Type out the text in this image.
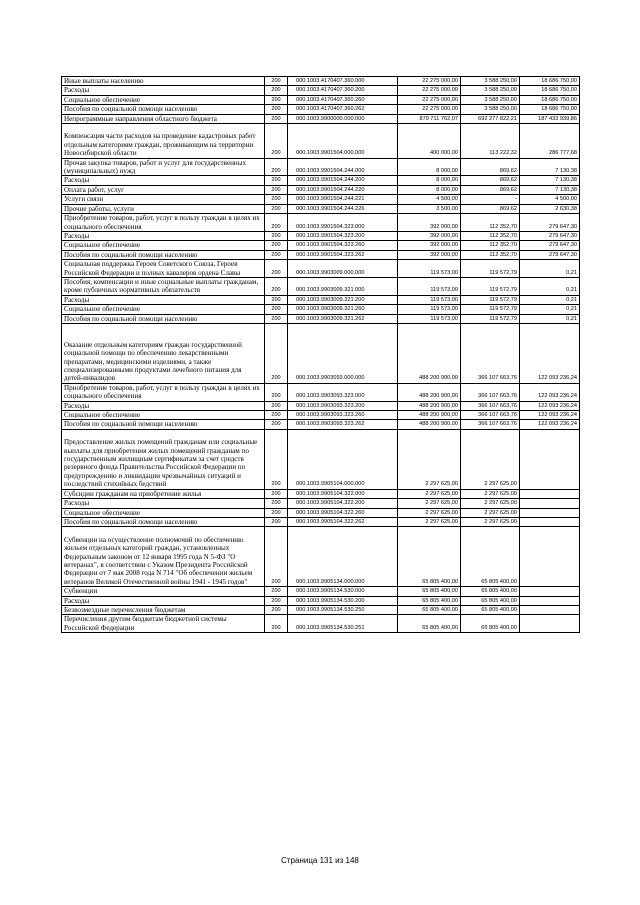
Иные выплаты населению	200	000.1003.4170407.360.000	22 275 000,00	3 588 250,00	18 686 750,00
Расходы	200	000.1003.4170407.360.200	22 275 000,00	3 588 250,00	18 686 750,00
Социальное обеспечение	200	000.1003.4170407.360.260	22 275 000,00	3 588 250,00	18 686 750,00
Пособия по социальной помощи населению	200	000.1003.4170407.360.262	22 275 000,00	3 588 250,00	18 686 750,00
Непрограммные направления областного бюджета	200	000.1003.9900000.000.000	879 711 762,07	692 277 822,21	187 433 939,86

Компенсация части расходов на проведение кадастровых работ отдельным категориям граждан, проживающим на территории Новосибирской области	200	000.1003.9901504.000.000	400 000,00	113 222,32	286 777,68
Прочая закупка товаров, работ и услуг для государственных (муниципальных) нужд	200	000.1003.9901504.244.000	8 000,00	869,62	7 130,38
Расходы	200	000.1003.9901504.244.200	8 000,00	869,62	7 130,38
Оплата работ, услуг	200	000.1003.9901504.244.220	8 000,00	869,62	7 130,38
Услуги связи	200	000.1003.9901504.244.221	4 500,00	-	4 500,00
Прочие работы, услуги	200	000.1003.9901504.244.226	3 500,00	869,62	2 630,38
Приобретение товаров, работ, услуг в пользу граждан в целях их социального обеспечения	200	000.1003.9901504.323.000	392 000,00	112 352,70	279 647,30
Расходы	200	000.1003.9901504.323.200	392 000,00	112 352,70	279 647,30
Социальное обеспечение	200	000.1003.9901504.323.260	392 000,00	112 352,70	279 647,30
Пособия по социальной помощи населению	200	000.1003.9901504.323.262	392 000,00	112 352,70	279 647,30
Социальная поддержка Героев Советского Союза, Героев Российской Федерации и полных кавалеров ордена Славы	200	000.1003.9903009.000.000	119 573,00	119 572,79	0,21
Пособия, компенсации и иные социальные выплаты гражданам, кроме публичных нормативных обязательств	200	000.1003.9903009.321.000	119 573,00	119 572,79	0,21
Расходы	200	000.1003.9903009.321.200	119 573,00	119 572,79	0,21
Социальное обеспечение	200	000.1003.9903009.321.260	119 573,00	119 572,79	0,21
Пособия по социальной помощи населению	200	000.1003.9903009.321.262	119 573,00	119 572,79	0,21

Оказание отдельным категориям граждан государственной социальной помощи по обеспечению лекарственными препаратами, медицинскими изделиями, а также специализированными продуктами лечебного питания для детей-инвалидов	200	000.1003.9903093.000.000	488 200 900,00	366 107 663,76	122 093 236,24
Приобретение товаров, работ, услуг в пользу граждан в целях их социального обеспечения	200	000.1003.9903093.323.000	488 200 900,00	366 107 663,76	122 093 236,24
Расходы	200	000.1003.9903093.323.200	488 200 900,00	366 107 663,76	122 093 236,24
Социальное обеспечение	200	000.1003.9903093.323.260	488 200 900,00	366 107 663,76	122 093 236,24
Пособия по социальной помощи населению	200	000.1003.9903093.323.262	488 200 900,00	366 107 663,76	122 093 236,24

Предоставление жилых помещений гражданам или социальные выплаты для приобретения жилых помещений гражданам по государственным жилищным сертификатам за счет средств резервного фонда Правительства Российской Федерации по предупреждению и ликвидации чрезвычайных ситуаций и последствий стихийных бедствий	200	000.1003.9905104.000.000	2 297 625,00	2 297 625,00	
Субсидии гражданам на приобретение жилья	200	000.1003.9905104.322.000	2 297 625,00	2 297 625,00	
Расходы	200	000.1003.9905104.322.200	2 297 625,00	2 297 625,00	
Социальное обеспечение	200	000.1003.9905104.322.260	2 297 625,00	2 297 625,00	
Пособия по социальной помощи населению	200	000.1003.9905104.322.262	2 297 625,00	2 297 625,00	

Субвенции на осуществление полномочий по обеспечению жильем отдельных категорий граждан, установленных Федеральным законом от 12 января 1995 года N 5-ФЗ "О ветеранах", в соответствии с Указом Президента Российской Федерации от 7 мая 2008 года N 714 "Об обеспечении жильем ветеранов Великой Отечественной войны 1941 - 1945 годов"	200	000.1003.9905134.000.000	65 805 400,00	65 805 400,00	
Субвенции	200	000.1003.9905134.530.000	65 805 400,00	65 805 400,00	
Расходы	200	000.1003.9905134.530.200	65 805 400,00	65 805 400,00	
Безвозмездные перечисления бюджетам	200	000.1003.9905134.530.250	65 805 400,00	65 805 400,00	
Перечисления другим бюджетам бюджетной системы Российской Федерации	200	000.1003.9905134.530.251	65 805 400,00	65 805 400,00	
Страница 131 из 148
